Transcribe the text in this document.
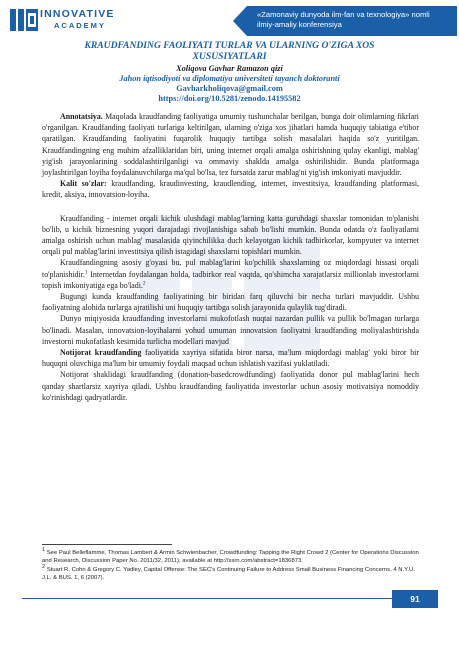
INNOVATIVE
ACADEMY
«Zamonaviy dunyoda ilm-fan va texnologiya» nomli
ilmiy-amaliy konferensiya
KRAUDFANDING FAOLIYATI TURLAR VA ULARNING O'ZIGA XOS XUSUSIYATLARI
Xoliqova Gavhar Ramazon qizi
Jahon iqtisodiyoti va diplomatiya universiteti tayanch doktoranti
Gavharkholiqova@gmail.com
https://doi.org/10.5281/zenodo.14195582

Annotatsiya. Maqolada kraudfanding faoliyatiga umumiy tushunchalar berilgan, bunga doir olimlarning fikrlari o'rganilgan. Kraudfanding faoliyati turlariga keltirilgan, ularning o'ziga xos jihatlari hamda huquqiy tabiatiga e'tibor qaratilgan. Kraudfanding faoliyatini fuqarolik huquqiy tartibga solish masalalari haqida so'z yuritilgan. Kraudfandingning eng muhim afzalliklaridan biri, uning internet orqali amalga oshirishning qulay ekanligi, mablag' yig'ish jarayonlarining soddalashtirilganligi va ommaviy shaklda amalga oshirilishidir. Bunda platformaga joylashtirilgan loyiha foydalanuvchilarga ma'qul bo'lsa, tez fursatda zarur mablag'ni yig'ish imkoniyati mavjuddir.

Kalit so'zlar: kraudfanding, kraudinvesting, kraudlending, internet, investitsiya, kraudfanding platformasi, kredit, aksiya, innovatsion-loyiha.

Kraudfanding - internet orqali kichik ulushdagi mablag'larning katta guruhdagi shaxslar tomonidan to'planishi bo'lib, u kichik biznesning yuqori darajadagi rivojlanishiga sabab bo'lishi mumkin. Bunda odatda o'z faoliyatlarni amalga oshirish uchun mablag' masalasida qiyinchilikka duch kelayotgan kichik tadbirkorlar, kompyuter va internet orqali pul mablag'larini investitsiya qilish istagidagi shaxslarni topishlari mumkin.

Kraudfandingning asosiy g'oyasi bu, pul mablag'larini ko'pchilik shaxslarning oz miqdordagi hissasi orqali to'planishidir.$^1$ Internetdan foydalangan holda, tadbirkor real vaqtda, qo'shimcha xarajatlarsiz millionlab investorlarni topish imkoniyatiga ega bo'ladi.$^2$

Bugungi kunda kraudfanding faoliyatining bir biridan farq qiluvchi bir necha turlari mavjuddir. Ushbu faoliyatning alohida turlarga ajratilishi uni huquqiy tartibga solish jarayonida qulaylik tug'diradi.

Dunyo miqiyosida kraudfanding investorlarni mukofotlash nuqtai nazardan pullik va pullik bo'lmagan turlarga bo'linadi. Masalan, innovatsion-loyihalarni yohud umuman innovatsion faoliyatni kraudfanding moliyalashtirishda investorni mukofatlash kesimida turlicha modellari mavjud

Notijorat kraudfanding faoliyatida xayriya sifatida biror narsa, ma'lum miqdordagi mablag' yoki biror bir huquqni oluvchiga ma'lum bir umumiy foydali maqsad uchun ishlatish vazifasi yuklatiladi.

Notijorat shaklidagi kraudfanding (donation-basedcrowdfunding) faoliyatida donor pul mablag'larini hech qanday shartlarsiz xayriya qiladi. Ushbu kraudfanding faoliyatida investorlar uchun asosiy motivatsiya nomoddiy ko'rinishdagi qadryatlardir.

$^1$ See Paul Belleflamme, Thomas Lambert & Armin Schwienbacher, Crowdfunding: Tapping the Right Crowd 2 (Center for Operations Discussion and Research, Discussion Paper No. 2011/32, 2011), available at http://ssrn.com/abstract=1836873.

$^2$ Stuart R. Cohn & Gregory C. Yadley, Capital Offense: The SEC's Continuing Failure to Address Small Business Financing Concerns, 4 N.Y.U. J.L. & BUS. 1, 6 (2007).

91
